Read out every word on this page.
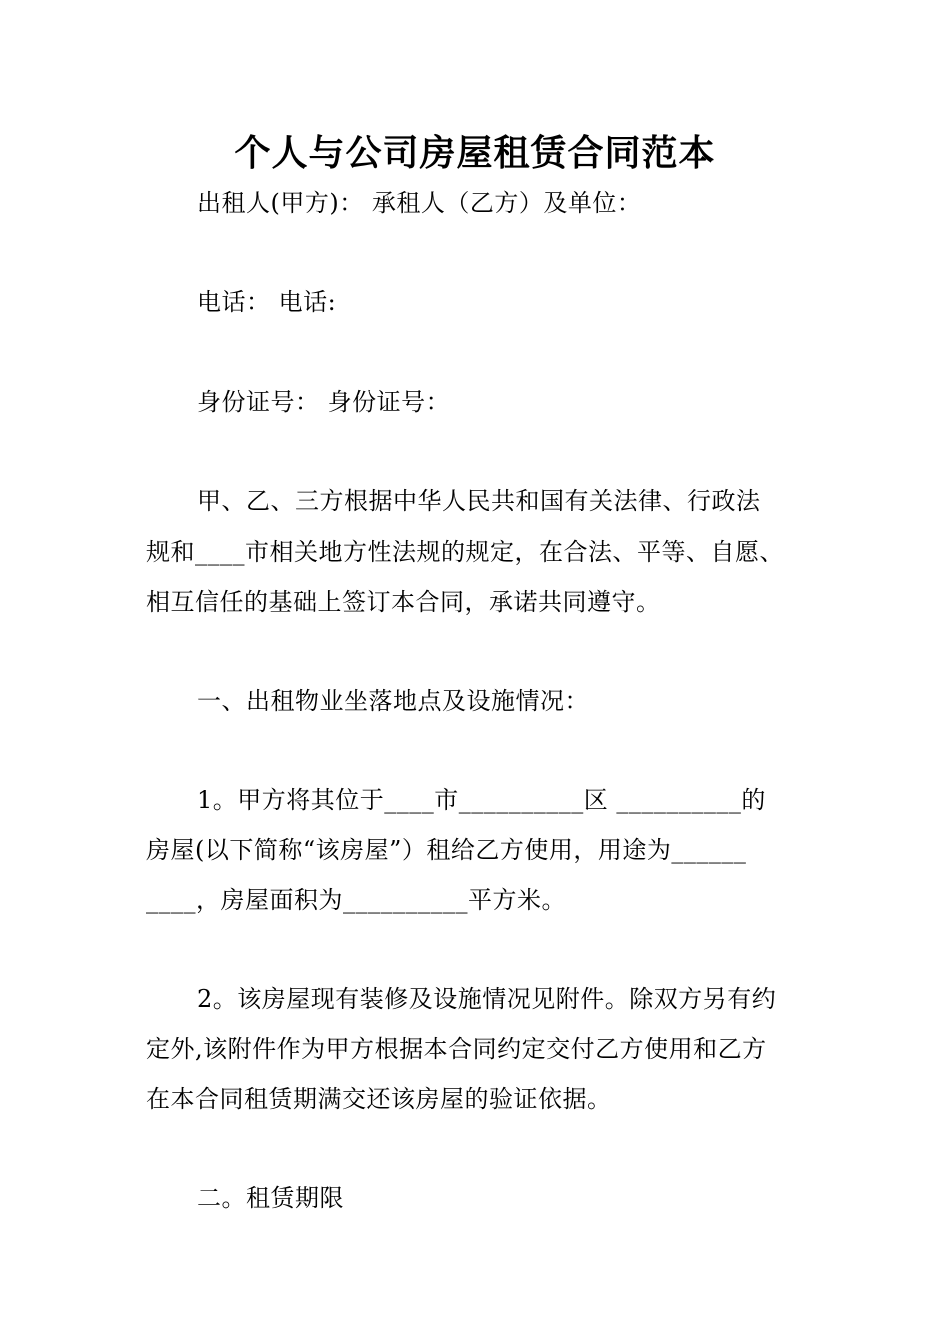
个人与公司房屋租赁合同范本
出租人(甲方)： 承租人（乙方）及单位：
电话： 电话:
身份证号： 身份证号：
甲、乙、三方根据中华人民共和国有关法律、行政法
规和____市相关地方性法规的规定，在合法、平等、自愿、
相互信任的基础上签订本合同，承诺共同遵守。
一、出租物业坐落地点及设施情况：
1。甲方将其位于____市__________区 __________的
房屋(以下简称“该房屋”）租给乙方使用，用途为______
____，房屋面积为__________平方米。
2。该房屋现有装修及设施情况见附件。除双方另有约
定外,该附件作为甲方根据本合同约定交付乙方使用和乙方
在本合同租赁期满交还该房屋的验证依据。
二。租赁期限
